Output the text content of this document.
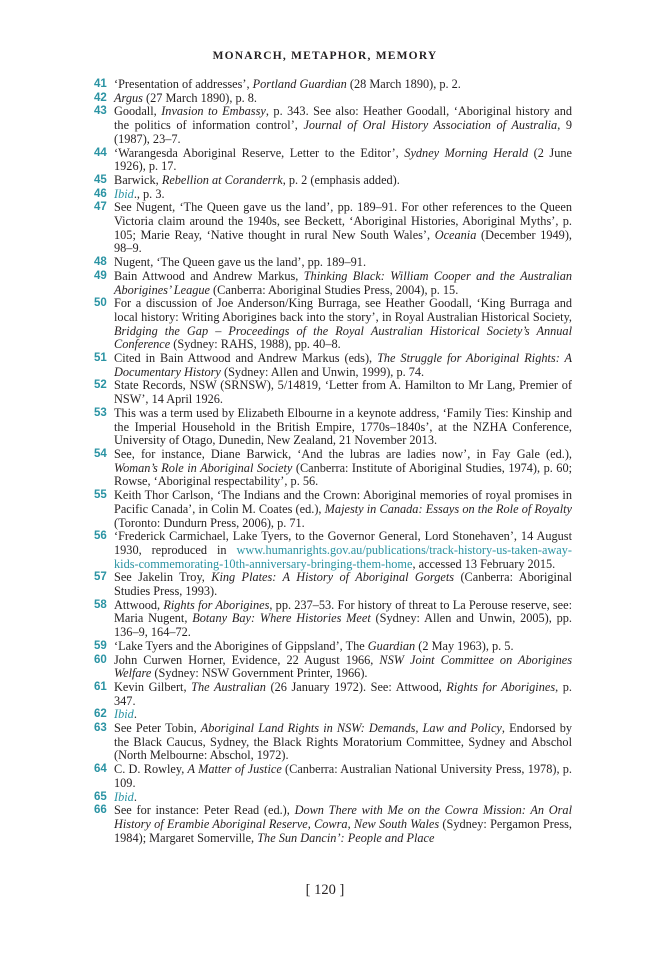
MONARCH, METAPHOR, MEMORY
41 ‘Presentation of addresses’, Portland Guardian (28 March 1890), p. 2.
42 Argus (27 March 1890), p. 8.
43 Goodall, Invasion to Embassy, p. 343. See also: Heather Goodall, ‘Aboriginal history and the politics of information control’, Journal of Oral History Association of Australia, 9 (1987), 23–7.
44 ‘Warangesda Aboriginal Reserve, Letter to the Editor’, Sydney Morning Herald (2 June 1926), p. 17.
45 Barwick, Rebellion at Coranderrk, p. 2 (emphasis added).
46 Ibid., p. 3.
47 See Nugent, ‘The Queen gave us the land’, pp. 189–91. For other references to the Queen Victoria claim around the 1940s, see Beckett, ‘Aboriginal Histories, Aboriginal Myths’, p. 105; Marie Reay, ‘Native thought in rural New South Wales’, Oceania (December 1949), 98–9.
48 Nugent, ‘The Queen gave us the land’, pp. 189–91.
49 Bain Attwood and Andrew Markus, Thinking Black: William Cooper and the Australian Aborigines’ League (Canberra: Aboriginal Studies Press, 2004), p. 15.
50 For a discussion of Joe Anderson/King Burraga, see Heather Goodall, ‘King Burraga and local history: Writing Aborigines back into the story’, in Royal Australian Historical Society, Bridging the Gap – Proceedings of the Royal Australian Historical Society’s Annual Conference (Sydney: RAHS, 1988), pp. 40–8.
51 Cited in Bain Attwood and Andrew Markus (eds), The Struggle for Aboriginal Rights: A Documentary History (Sydney: Allen and Unwin, 1999), p. 74.
52 State Records, NSW (SRNSW), 5/14819, ‘Letter from A. Hamilton to Mr Lang, Premier of NSW’, 14 April 1926.
53 This was a term used by Elizabeth Elbourne in a keynote address, ‘Family Ties: Kinship and the Imperial Household in the British Empire, 1770s–1840s’, at the NZHA Conference, University of Otago, Dunedin, New Zealand, 21 November 2013.
54 See, for instance, Diane Barwick, ‘And the lubras are ladies now’, in Fay Gale (ed.), Woman’s Role in Aboriginal Society (Canberra: Institute of Aboriginal Studies, 1974), p. 60; Rowse, ‘Aboriginal respectability’, p. 56.
55 Keith Thor Carlson, ‘The Indians and the Crown: Aboriginal memories of royal promises in Pacific Canada’, in Colin M. Coates (ed.), Majesty in Canada: Essays on the Role of Royalty (Toronto: Dundurn Press, 2006), p. 71.
56 ‘Frederick Carmichael, Lake Tyers, to the Governor General, Lord Stonehaven’, 14 August 1930, reproduced in www.humanrights.gov.au/publications/track-history-us-taken-away-kids-commemorating-10th-anniversary-bringing-them-home, accessed 13 February 2015.
57 See Jakelin Troy, King Plates: A History of Aboriginal Gorgets (Canberra: Aboriginal Studies Press, 1993).
58 Attwood, Rights for Aborigines, pp. 237–53. For history of threat to La Perouse reserve, see: Maria Nugent, Botany Bay: Where Histories Meet (Sydney: Allen and Unwin, 2005), pp. 136–9, 164–72.
59 ‘Lake Tyers and the Aborigines of Gippsland’, The Guardian (2 May 1963), p. 5.
60 John Curwen Horner, Evidence, 22 August 1966, NSW Joint Committee on Aborigines Welfare (Sydney: NSW Government Printer, 1966).
61 Kevin Gilbert, The Australian (26 January 1972). See: Attwood, Rights for Aborigines, p. 347.
62 Ibid.
63 See Peter Tobin, Aboriginal Land Rights in NSW: Demands, Law and Policy, Endorsed by the Black Caucus, Sydney, the Black Rights Moratorium Committee, Sydney and Abschol (North Melbourne: Abschol, 1972).
64 C. D. Rowley, A Matter of Justice (Canberra: Australian National University Press, 1978), p. 109.
65 Ibid.
66 See for instance: Peter Read (ed.), Down There with Me on the Cowra Mission: An Oral History of Erambie Aboriginal Reserve, Cowra, New South Wales (Sydney: Pergamon Press, 1984); Margaret Somerville, The Sun Dancin’: People and Place
[ 120 ]
